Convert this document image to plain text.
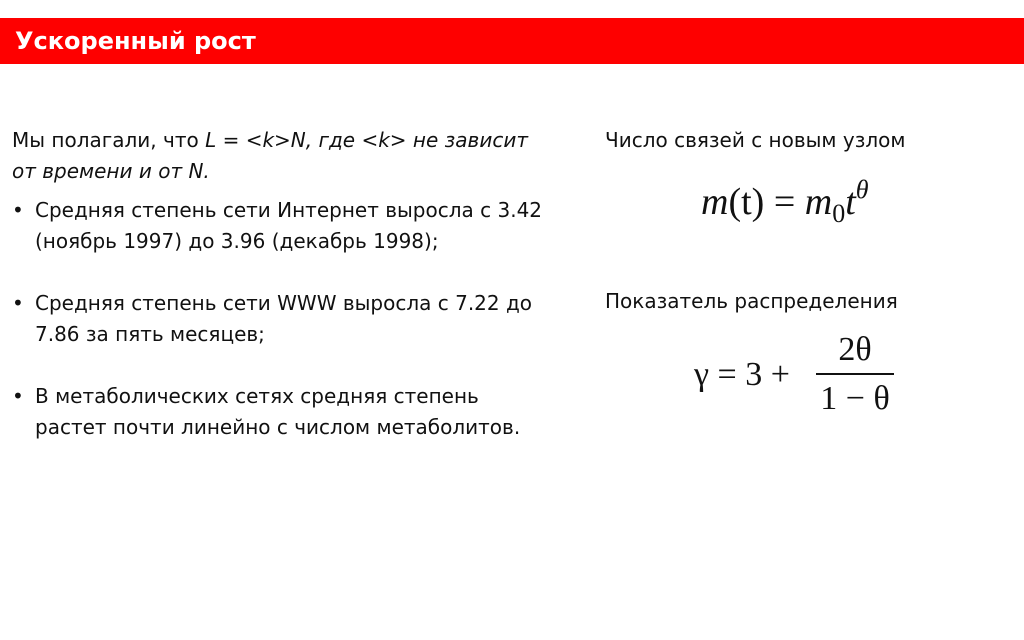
Ускоренный рост

Мы полагали, что L = <k>N, где <k> не зависит от времени и от N.

• Средняя степень сети Интернет выросла с 3.42 (ноябрь 1997) до 3.96 (декабрь 1998);
• Средняя степень сети WWW выросла с 7.22 до 7.86 за пять месяцев;
• В метаболических сетях средняя степень растет почти линейно с числом метаболитов.

Число связей с новым узлом

Показатель распределения

$m(t) = m_0t^\theta$
γ = 3 +
2θ
1 − θ
